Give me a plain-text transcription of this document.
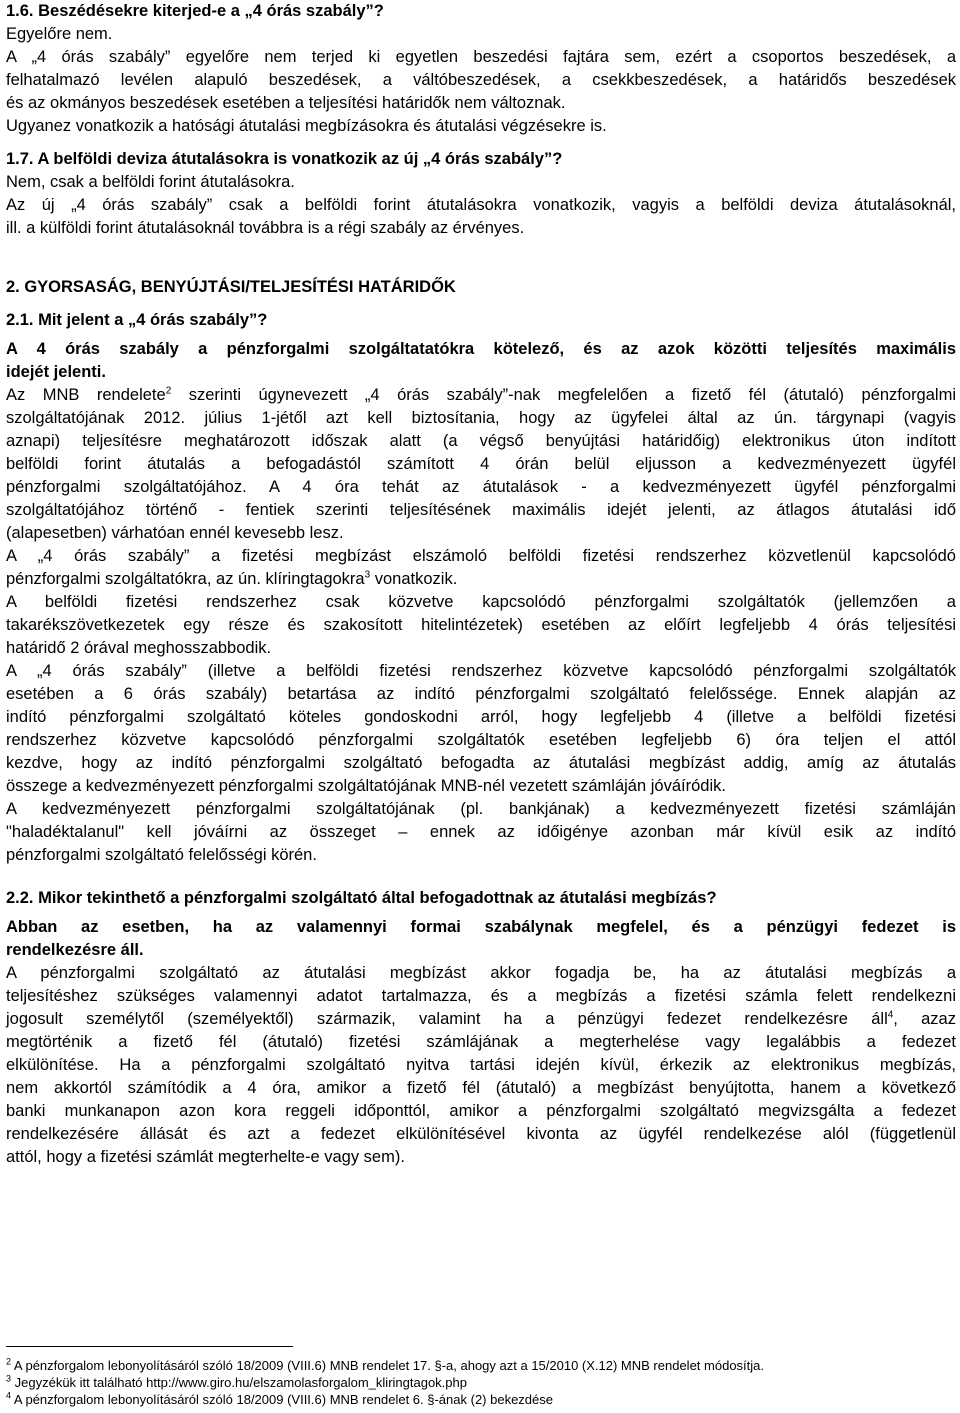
1.6. Beszédésekre kiterjed-e a „4 órás szabály”?

Egyelőre nem.

A „4 órás szabály” egyelőre nem terjed ki egyetlen beszedési fajtára sem, ezért a csoportos beszedések, a

felhatalmazó levélen alapuló beszedések, a váltóbeszedések, a csekkbeszedések, a határidős beszedések

és az okmányos beszedések esetében a teljesítési határidők nem változnak.

Ugyanez vonatkozik a hatósági átutalási megbízásokra és átutalási végzésekre is.

1.7. A belföldi deviza átutalásokra is vonatkozik az új „4 órás szabály”?

Nem, csak a belföldi forint átutalásokra.

Az új „4 órás szabály” csak a belföldi forint átutalásokra vonatkozik, vagyis a belföldi deviza átutalásoknál,

ill. a külföldi forint átutalásoknál továbbra is a régi szabály az érvényes.

2. GYORSASÁG, BENYÚJTÁSI/TELJESÍTÉSI HATÁRIDŐK

2.1. Mit jelent a „4 órás szabály”?

A 4 órás szabály a pénzforgalmi szolgáltatatókra kötelező, és az azok közötti teljesítés maximális

idejét jelenti.

Az MNB rendelete$^2$ szerinti úgynevezett „4 órás szabály”-nak megfelelően a fizető fél (átutaló) pénzforgalmi

szolgáltatójának 2012. július 1-jétől azt kell biztosítania, hogy az ügyfelei által az ún. tárgynapi (vagyis

aznapi) teljesítésre meghatározott időszak alatt (a végső benyújtási határidőig) elektronikus úton indított

belföldi forint átutalás a befogadástól számított 4 órán belül eljusson a kedvezményezett ügyfél

pénzforgalmi szolgáltatójához. A 4 óra tehát az átutalások - a kedvezményezett ügyfél pénzforgalmi

szolgáltatójához történő - fentiek szerinti teljesítésének maximális idejét jelenti, az átlagos átutalási idő

(alapesetben) várhatóan ennél kevesebb lesz.

A „4 órás szabály” a fizetési megbízást elszámoló belföldi fizetési rendszerhez közvetlenül kapcsolódó

pénzforgalmi szolgáltatókra, az ún. klíringtagokra$^3$ vonatkozik.

A belföldi fizetési rendszerhez csak közvetve kapcsolódó pénzforgalmi szolgáltatók (jellemzően a

takarékszövetkezetek egy része és szakosított hitelintézetek) esetében az előírt legfeljebb 4 órás teljesítési

határidő 2 órával meghosszabbodik.

A „4 órás szabály” (illetve a belföldi fizetési rendszerhez közvetve kapcsolódó pénzforgalmi szolgáltatók

esetében a 6 órás szabály) betartása az indító pénzforgalmi szolgáltató felelőssége. Ennek alapján az

indító pénzforgalmi szolgáltató köteles gondoskodni arról, hogy legfeljebb 4 (illetve a belföldi fizetési

rendszerhez közvetve kapcsolódó pénzforgalmi szolgáltatók esetében legfeljebb 6) óra teljen el attól

kezdve, hogy az indító pénzforgalmi szolgáltató befogadta az átutalási megbízást addig, amíg az átutalás

összege a kedvezményezett pénzforgalmi szolgáltatójának MNB-nél vezetett számláján jóváíródik.

A kedvezményezett pénzforgalmi szolgáltatójának (pl. bankjának) a kedvezményezett fizetési számláján

"haladéktalanul" kell jóváírni az összeget – ennek az időigénye azonban már kívül esik az indító

pénzforgalmi szolgáltató felelősségi körén.

2.2. Mikor tekinthető a pénzforgalmi szolgáltató által befogadottnak az átutalási megbízás?

Abban az esetben, ha az valamennyi formai szabálynak megfelel, és a pénzügyi fedezet is

rendelkezésre áll.

A pénzforgalmi szolgáltató az átutalási megbízást akkor fogadja be, ha az átutalási megbízás a

teljesítéshez szükséges valamennyi adatot tartalmazza, és a megbízás a fizetési számla felett rendelkezni

jogosult személytől (személyektől) származik, valamint ha a pénzügyi fedezet rendelkezésre áll$^4$, azaz

megtörténik a fizető fél (átutaló) fizetési számlájának a megterhelése vagy legalábbis a fedezet

elkülönítése. Ha a pénzforgalmi szolgáltató nyitva tartási idején kívül, érkezik az elektronikus megbízás,

nem akkortól számítódik a 4 óra, amikor a fizető fél (átutaló) a megbízást benyújtotta, hanem a következő

banki munkanapon azon kora reggeli időponttól, amikor a pénzforgalmi szolgáltató megvizsgálta a fedezet

rendelkezésére állását és azt a fedezet elkülönítésével kivonta az ügyfél rendelkezése alól (függetlenül

attól, hogy a fizetési számlát megterhelte-e vagy sem).

$^2$ A pénzforgalom lebonyolításáról szóló 18/2009 (VIII.6) MNB rendelet 17. §-a, ahogy azt a 15/2010 (X.12) MNB rendelet módosítja.

$^3$ Jegyzékük itt található http://www.giro.hu/elszamolasforgalom_kliringtagok.php

$^4$ A pénzforgalom lebonyolításáról szóló 18/2009 (VIII.6) MNB rendelet 6. §-ának (2) bekezdése
